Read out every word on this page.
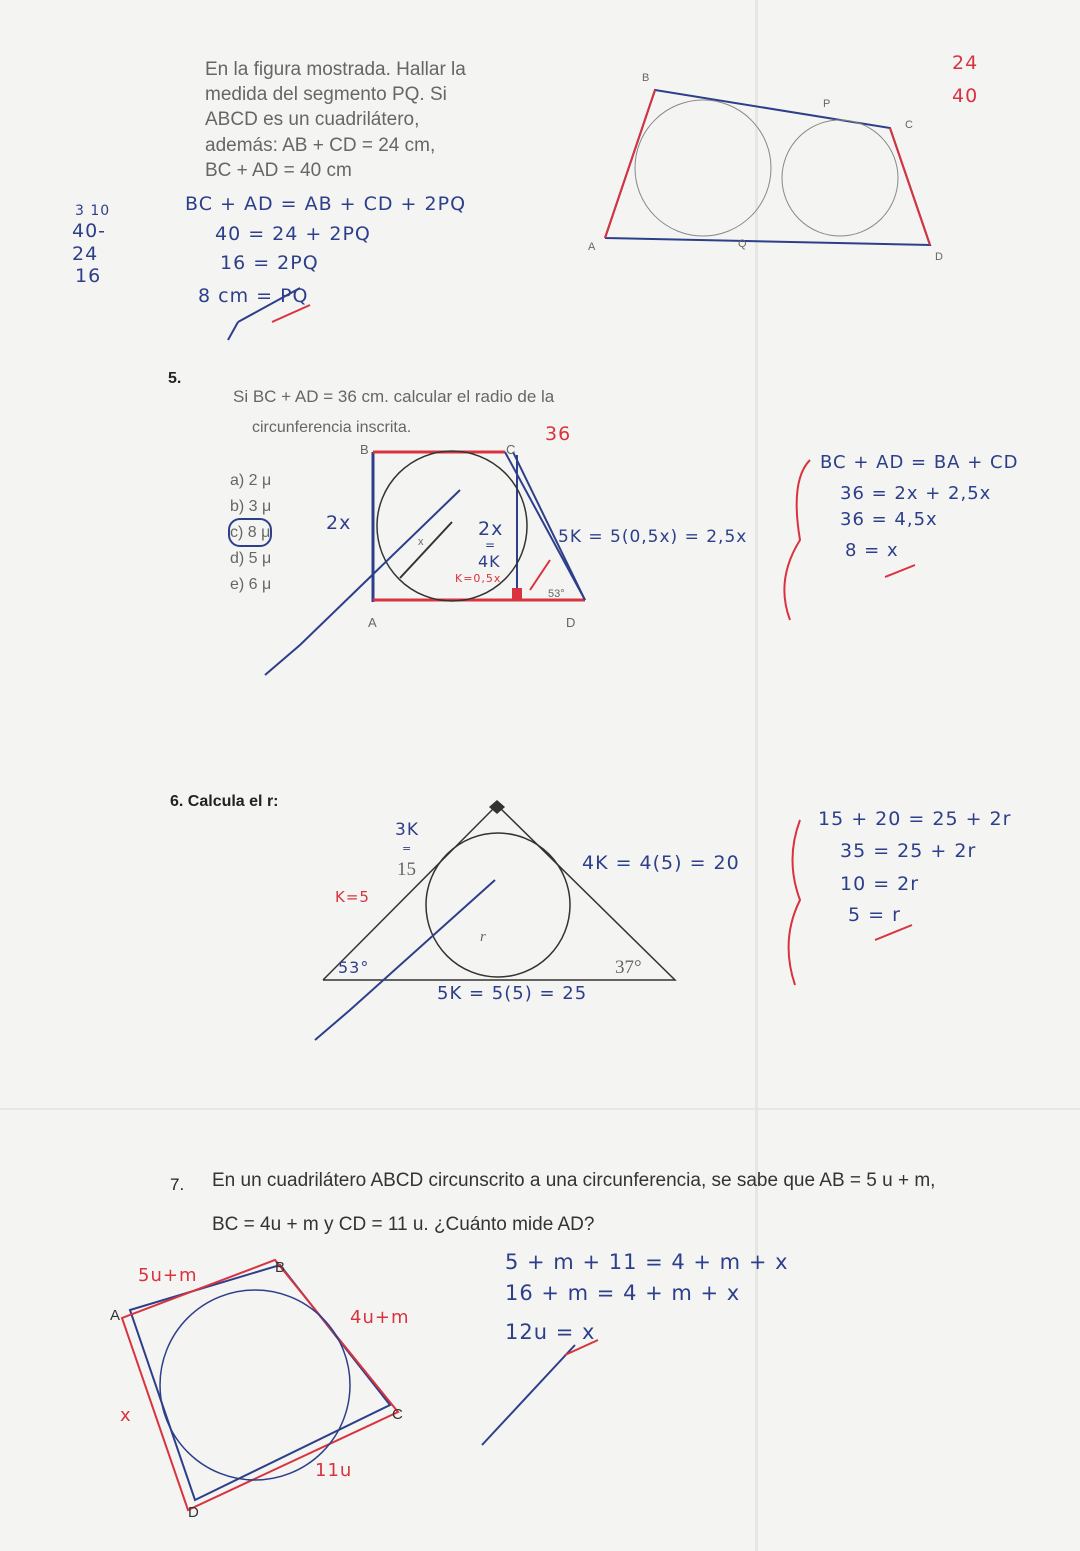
En la figura mostrada. Hallar la
medida del segmento PQ. Si
ABCD es un cuadrilátero,
además: AB + CD = 24 cm,
BC + AD = 40 cm
BC + AD = AB + CD + 2PQ
40 = 24 + 2PQ
16 = 2PQ
8 cm = PQ
3 10
40-
24
16
24
40
A
B
C
D
P
Q
5.
Si BC + AD = 36 cm. calcular el radio de la
circunferencia inscrita.
a) 2 μ
b) 3 μ
c) 8 μ
d) 5 μ
e) 6 μ
36
2x	2x
=
4K
K=0,5x
x
53°
5K = 5(0,5x) = 2,5x
A
B	C
D
BC + AD = BA + CD
36 = 2x + 2,5x
36 = 4,5x
8 = x
6. Calcula el r:
3K
=
15
K=5
4K = 4(5) = 20
5K = 5(5) = 25
53°	37°
r
15 + 20 = 25 + 2r
35 = 25 + 2r
10 = 2r
5 = r
7. En un cuadrilátero ABCD circunscrito a una circunferencia, se sabe que AB = 5 u + m,
BC = 4u + m y CD = 11 u. ¿Cuánto mide AD?
5u+m
4u+m
11u
x
A
B
C
D
5 + m + 11 = 4 + m + x
16 + m = 4 + m + x
12u = x
